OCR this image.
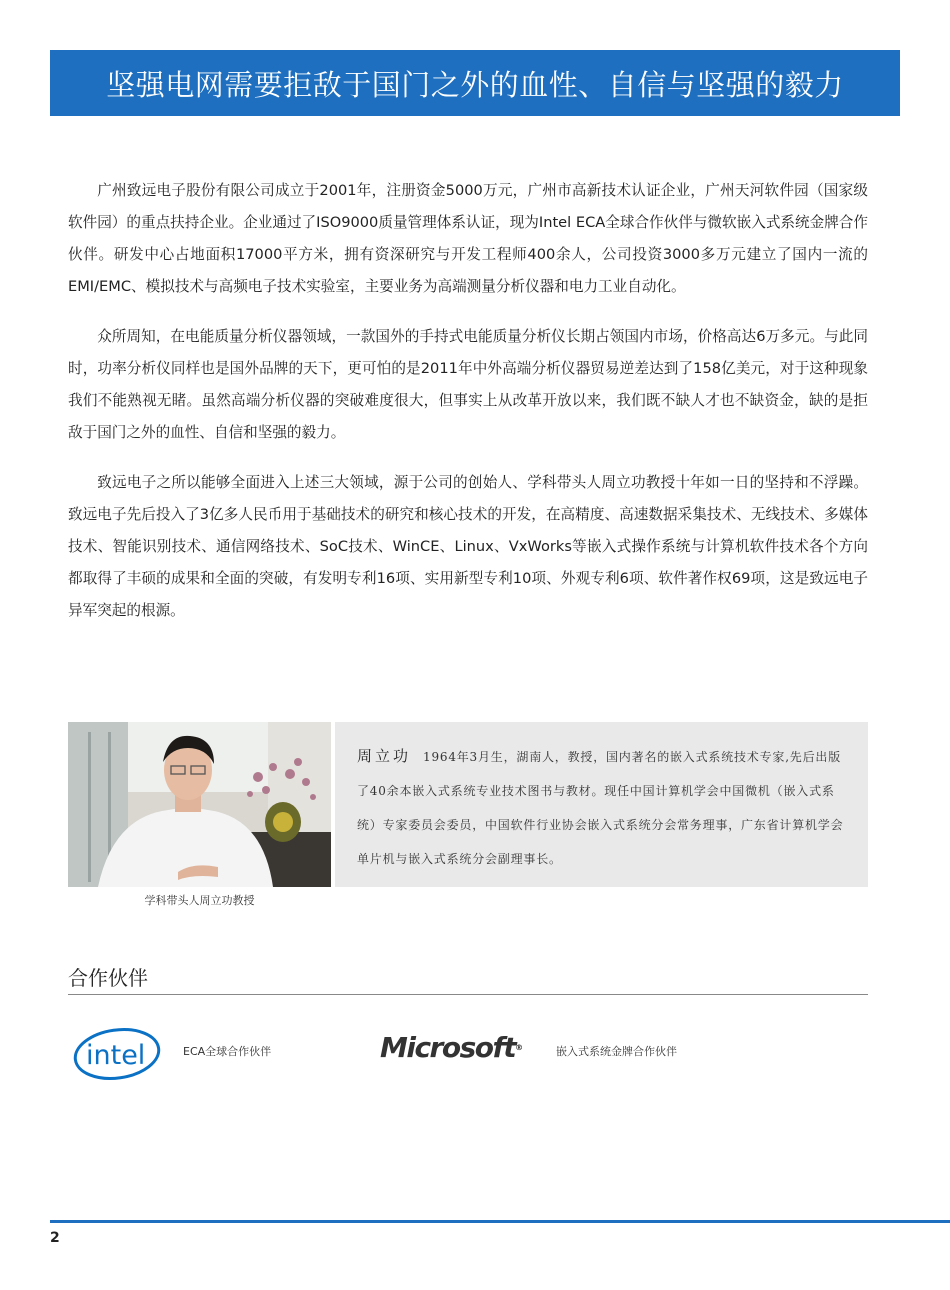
坚强电网需要拒敌于国门之外的血性、自信与坚强的毅力

广州致远电子股份有限公司成立于2001年，注册资金5000万元，广州市高新技术认证企业，广州天河软件园（国家级软件园）的重点扶持企业。企业通过了ISO9000质量管理体系认证，现为Intel ECA全球合作伙伴与微软嵌入式系统金牌合作伙伴。研发中心占地面积17000平方米，拥有资深研究与开发工程师400余人，公司投资3000多万元建立了国内一流的EMI/EMC、模拟技术与高频电子技术实验室，主要业务为高端测量分析仪器和电力工业自动化。

众所周知，在电能质量分析仪器领域，一款国外的手持式电能质量分析仪长期占领国内市场，价格高达6万多元。与此同时，功率分析仪同样也是国外品牌的天下，更可怕的是2011年中外高端分析仪器贸易逆差达到了158亿美元，对于这种现象我们不能熟视无睹。虽然高端分析仪器的突破难度很大，但事实上从改革开放以来，我们既不缺人才也不缺资金，缺的是拒敌于国门之外的血性、自信和坚强的毅力。

致远电子之所以能够全面进入上述三大领域，源于公司的创始人、学科带头人周立功教授十年如一日的坚持和不浮躁。 致远电子先后投入了3亿多人民币用于基础技术的研究和核心技术的开发，在高精度、高速数据采集技术、无线技术、多媒体技术、智能识别技术、通信网络技术、SoC技术、WinCE、Linux、VxWorks等嵌入式操作系统与计算机软件技术各个方向都取得了丰硕的成果和全面的突破，有发明专利16项、实用新型专利10项、外观专利6项、软件著作权69项，这是致远电子异军突起的根源。

学科带头人周立功教授
周立功 1964年3月生，湖南人，教授，国内著名的嵌入式系统技术专家,先后出版了40余本嵌入式系统专业技术图书与教材。现任中国计算机学会中国微机（嵌入式系统）专家委员会委员，中国软件行业协会嵌入式系统分会常务理事，广东省计算机学会单片机与嵌入式系统分会副理事长。
合作伙伴
intel	ECA全球合作伙伴	Microsoft®	嵌入式系统金牌合作伙伴
2
